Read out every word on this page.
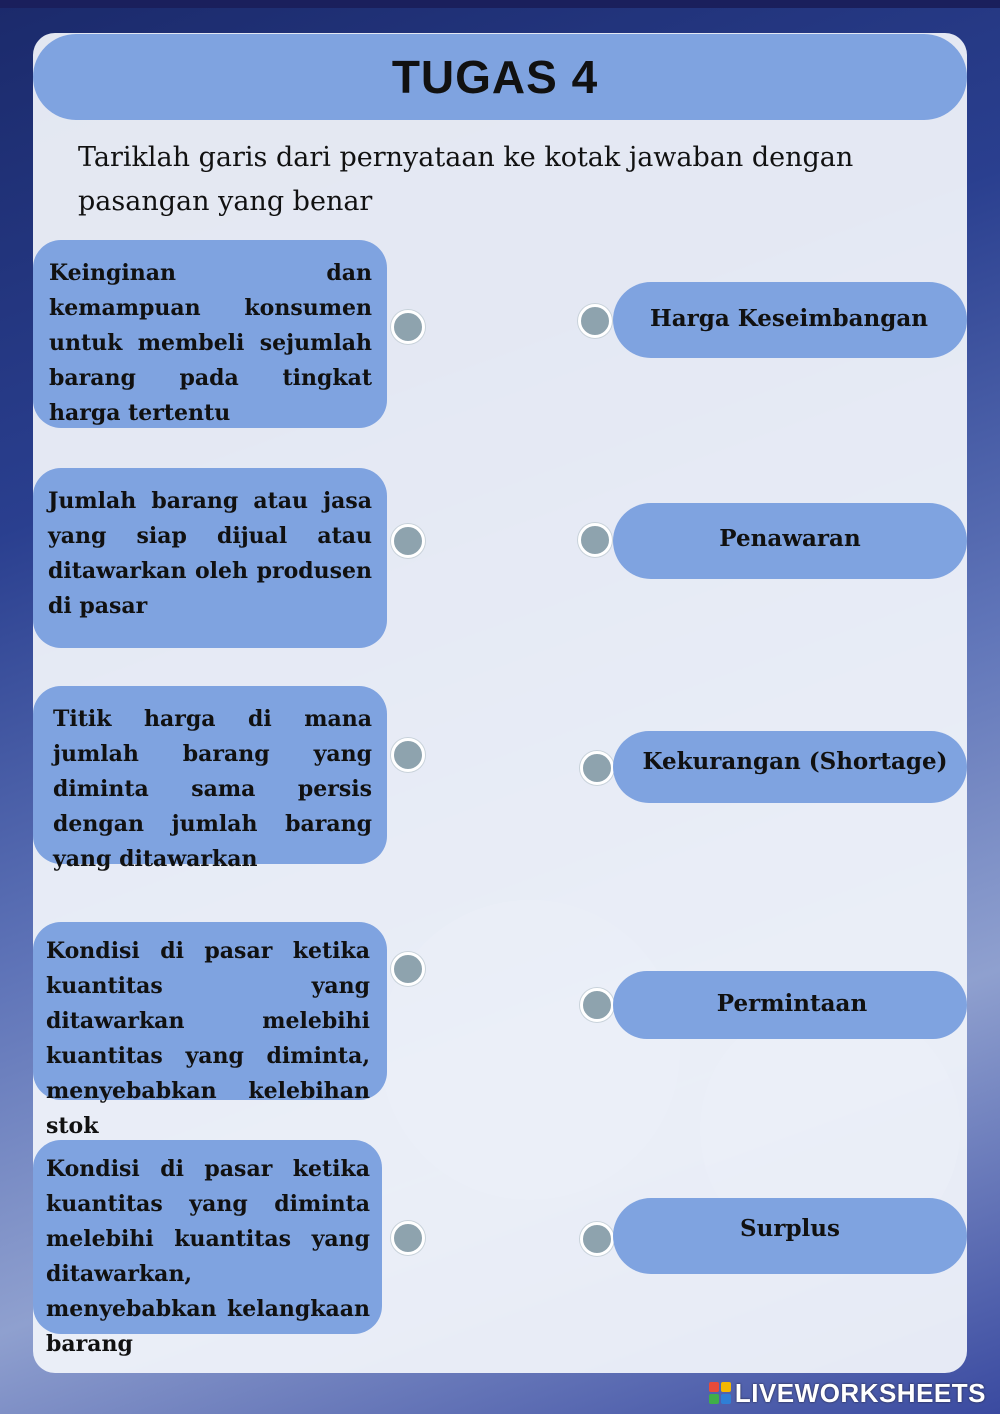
TUGAS 4
Tariklah garis dari pernyataan ke kotak jawaban dengan pasangan yang benar
Keinginan dan kemampuan konsumen untuk membeli sejumlah barang pada tingkat harga tertentu
Jumlah barang atau jasa yang siap dijual atau ditawarkan oleh produsen di pasar
Titik harga di mana jumlah barang yang diminta sama persis dengan jumlah barang yang ditawarkan
Kondisi di pasar ketika kuantitas yang ditawarkan melebihi kuantitas yang diminta, menyebabkan kelebihan stok
Kondisi di pasar ketika kuantitas yang diminta melebihi kuantitas yang ditawarkan, menyebabkan kelangkaan barang
Harga Keseimbangan
Penawaran
Kekurangan (Shortage)
Permintaan
Surplus
LIVEWORKSHEETS
